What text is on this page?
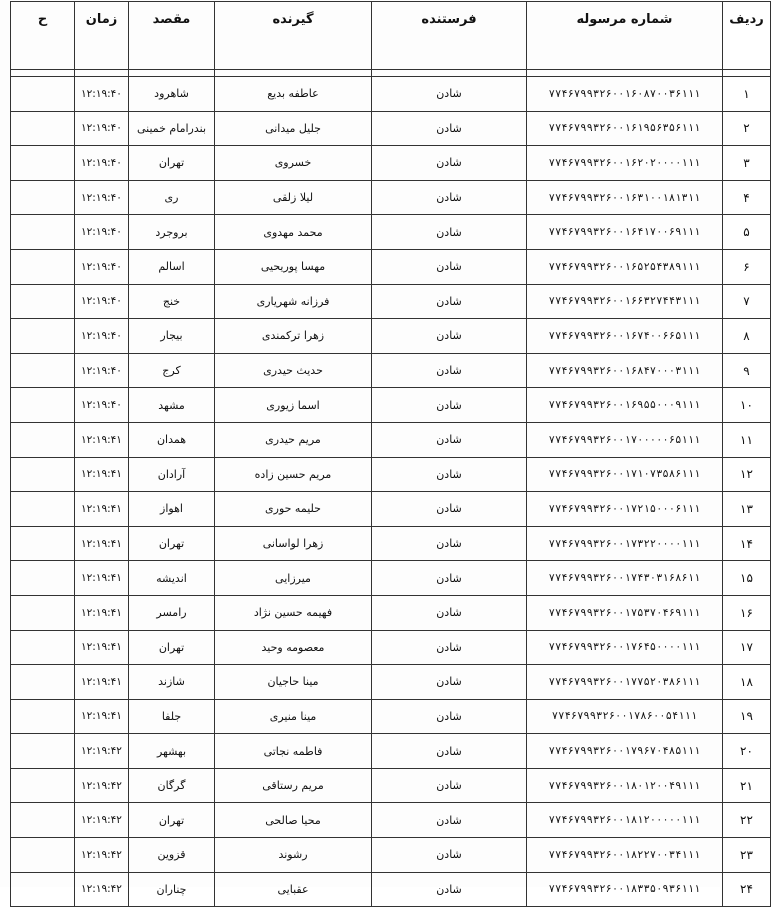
ردیف	شماره مرسوله	فرستنده	گیرنده	مقصد	زمان	ح

۱	۷۷۴۶۷۹۹۳۲۶۰۰۱۶۰۸۷۰۰۳۶۱۱۱	شادن	عاطفه بدیع	شاهرود	۱۲:۱۹:۴۰	
۲	۷۷۴۶۷۹۹۳۲۶۰۰۱۶۱۹۵۶۳۵۶۱۱۱	شادن	جلیل میدانی	بندرامام خمینی	۱۲:۱۹:۴۰	
۳	۷۷۴۶۷۹۹۳۲۶۰۰۱۶۲۰۲۰۰۰۰۱۱۱	شادن	خسروی	تهران	۱۲:۱۹:۴۰	
۴	۷۷۴۶۷۹۹۳۲۶۰۰۱۶۳۱۰۰۱۸۱۳۱۱	شادن	لیلا زلقی	ری	۱۲:۱۹:۴۰	
۵	۷۷۴۶۷۹۹۳۲۶۰۰۱۶۴۱۷۰۰۶۹۱۱۱	شادن	محمد مهدوی	بروجرد	۱۲:۱۹:۴۰	
۶	۷۷۴۶۷۹۹۳۲۶۰۰۱۶۵۲۵۴۳۸۹۱۱۱	شادن	مهسا پوریحیی	اسالم	۱۲:۱۹:۴۰	
۷	۷۷۴۶۷۹۹۳۲۶۰۰۱۶۶۳۲۷۴۴۳۱۱۱	شادن	فرزانه شهریاری	خنج	۱۲:۱۹:۴۰	
۸	۷۷۴۶۷۹۹۳۲۶۰۰۱۶۷۴۰۰۶۶۵۱۱۱	شادن	زهرا ترکمندی	بیجار	۱۲:۱۹:۴۰	
۹	۷۷۴۶۷۹۹۳۲۶۰۰۱۶۸۴۷۰۰۰۳۱۱۱	شادن	حدیث حیدری	کرج	۱۲:۱۹:۴۰	
۱۰	۷۷۴۶۷۹۹۳۲۶۰۰۱۶۹۵۵۰۰۰۹۱۱۱	شادن	اسما زیوری	مشهد	۱۲:۱۹:۴۰	
۱۱	۷۷۴۶۷۹۹۳۲۶۰۰۱۷۰۰۰۰۰۶۵۱۱۱	شادن	مریم حیدری	همدان	۱۲:۱۹:۴۱	
۱۲	۷۷۴۶۷۹۹۳۲۶۰۰۱۷۱۰۷۳۵۸۶۱۱۱	شادن	مریم حسین زاده	آرادان	۱۲:۱۹:۴۱	
۱۳	۷۷۴۶۷۹۹۳۲۶۰۰۱۷۲۱۵۰۰۰۶۱۱۱	شادن	حلیمه حوری	اهواز	۱۲:۱۹:۴۱	
۱۴	۷۷۴۶۷۹۹۳۲۶۰۰۱۷۳۲۲۰۰۰۰۱۱۱	شادن	زهرا لواسانی	تهران	۱۲:۱۹:۴۱	
۱۵	۷۷۴۶۷۹۹۳۲۶۰۰۱۷۴۳۰۳۱۶۸۶۱۱	شادن	میرزایی	اندیشه	۱۲:۱۹:۴۱	
۱۶	۷۷۴۶۷۹۹۳۲۶۰۰۱۷۵۳۷۰۴۶۹۱۱۱	شادن	فهیمه حسین نژاد	رامسر	۱۲:۱۹:۴۱	
۱۷	۷۷۴۶۷۹۹۳۲۶۰۰۱۷۶۴۵۰۰۰۰۱۱۱	شادن	معصومه وحید	تهران	۱۲:۱۹:۴۱	
۱۸	۷۷۴۶۷۹۹۳۲۶۰۰۱۷۷۵۲۰۳۸۶۱۱۱	شادن	مینا حاجیان	شازند	۱۲:۱۹:۴۱	
۱۹	۷۷۴۶۷۹۹۳۲۶۰۰۱۷۸۶۰۰۵۴۱۱۱	شادن	مینا منیری	جلفا	۱۲:۱۹:۴۱	
۲۰	۷۷۴۶۷۹۹۳۲۶۰۰۱۷۹۶۷۰۴۸۵۱۱۱	شادن	فاطمه نجاتی	بهشهر	۱۲:۱۹:۴۲	
۲۱	۷۷۴۶۷۹۹۳۲۶۰۰۱۸۰۱۲۰۰۴۹۱۱۱	شادن	مریم رستاقی	گرگان	۱۲:۱۹:۴۲	
۲۲	۷۷۴۶۷۹۹۳۲۶۰۰۱۸۱۲۰۰۰۰۰۱۱۱	شادن	محیا صالحی	تهران	۱۲:۱۹:۴۲	
۲۳	۷۷۴۶۷۹۹۳۲۶۰۰۱۸۲۲۷۰۰۳۴۱۱۱	شادن	رشوند	قزوین	۱۲:۱۹:۴۲	
۲۴	۷۷۴۶۷۹۹۳۲۶۰۰۱۸۳۳۵۰۹۳۶۱۱۱	شادن	عقبایی	چناران	۱۲:۱۹:۴۲	
